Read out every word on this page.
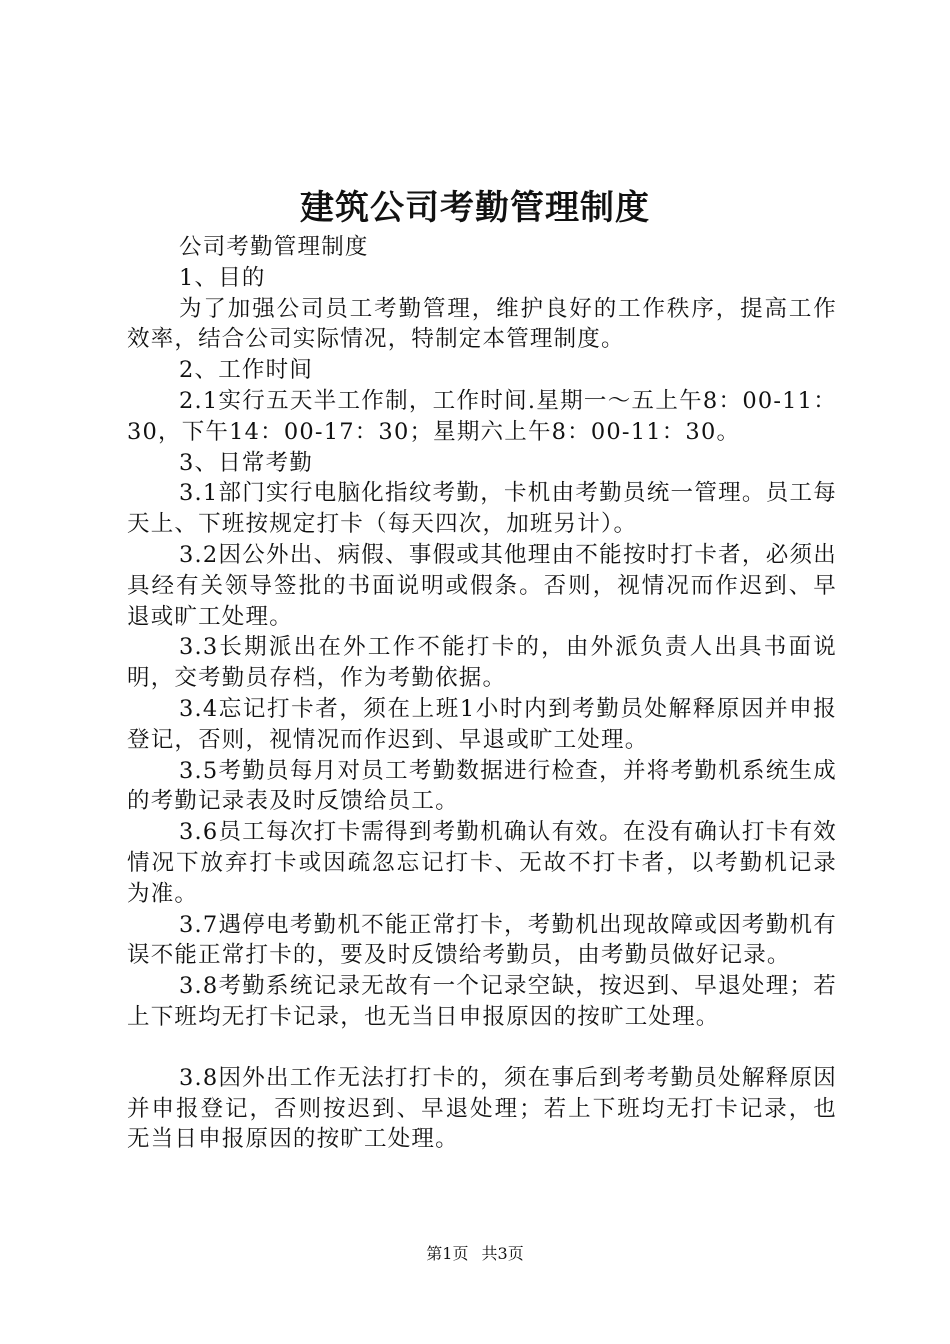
建筑公司考勤管理制度

公司考勤管理制度

1、目的

为了加强公司员工考勤管理，维护良好的工作秩序，提高工作效率，结合公司实际情况，特制定本管理制度。

2、工作时间

2.1实行五天半工作制，工作时间.星期一～五上午8：00-11：30，下午14：00-17：30；星期六上午8：00-11：30。

3、日常考勤

3.1部门实行电脑化指纹考勤，卡机由考勤员统一管理。员工每天上、下班按规定打卡（每天四次，加班另计）。

3.2因公外出、病假、事假或其他理由不能按时打卡者，必须出具经有关领导签批的书面说明或假条。否则，视情况而作迟到、早退或旷工处理。

3.3长期派出在外工作不能打卡的，由外派负责人出具书面说明，交考勤员存档，作为考勤依据。

3.4忘记打卡者，须在上班1小时内到考勤员处解释原因并申报登记，否则，视情况而作迟到、早退或旷工处理。

3.5考勤员每月对员工考勤数据进行检查，并将考勤机系统生成的考勤记录表及时反馈给员工。

3.6员工每次打卡需得到考勤机确认有效。在没有确认打卡有效情况下放弃打卡或因疏忽忘记打卡、无故不打卡者，以考勤机记录为准。

3.7遇停电考勤机不能正常打卡，考勤机出现故障或因考勤机有误不能正常打卡的，要及时反馈给考勤员，由考勤员做好记录。

3.8考勤系统记录无故有一个记录空缺，按迟到、早退处理；若上下班均无打卡记录，也无当日申报原因的按旷工处理。

3.8因外出工作无法打打卡的，须在事后到考考勤员处解释原因并申报登记，否则按迟到、早退处理；若上下班均无打卡记录，也无当日申报原因的按旷工处理。

第1页 共3页
